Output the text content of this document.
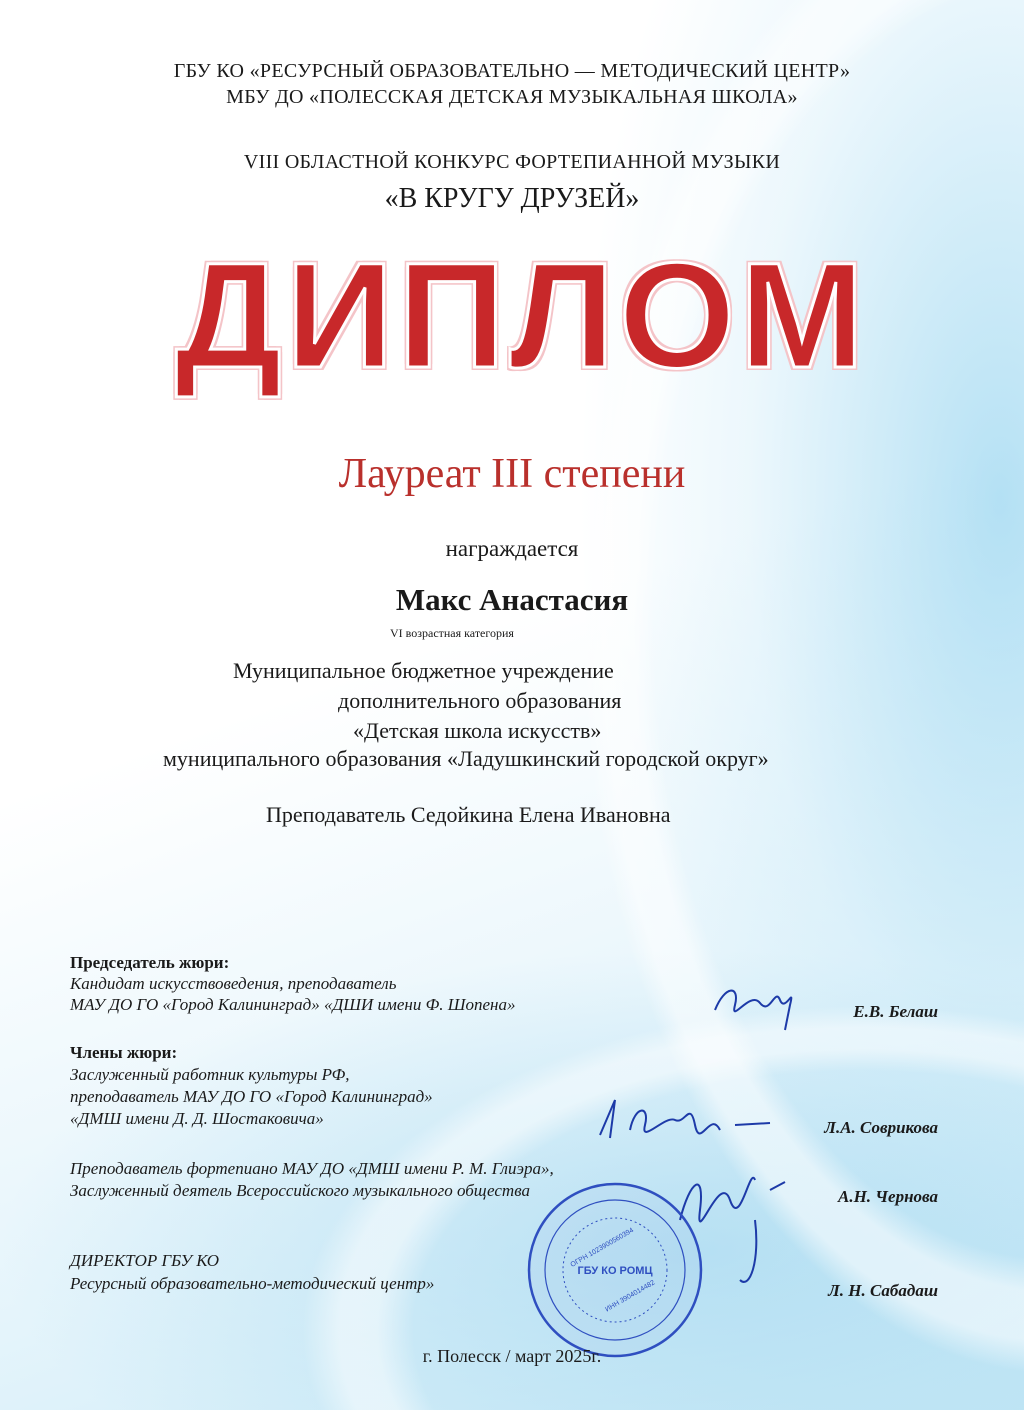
ГБУ КО «РЕСУРСНЫЙ ОБРАЗОВАТЕЛЬНО — МЕТОДИЧЕСКИЙ ЦЕНТР»
МБУ ДО «ПОЛЕССКАЯ ДЕТСКАЯ МУЗЫКАЛЬНАЯ ШКОЛА»
VIII ОБЛАСТНОЙ КОНКУРС ФОРТЕПИАННОЙ МУЗЫКИ
«В КРУГУ ДРУЗЕЙ»
ДИПЛОМ
Лауреат III степени
награждается
Макс Анастасия
VI возрастная категория
Муниципальное бюджетное учреждение
дополнительного образования
«Детская школа искусств»
муниципального образования «Ладушкинский городской округ»
Преподаватель Седойкина Елена Ивановна
Председатель жюри:
Кандидат искусствоведения, преподаватель
МАУ ДО ГО «Город Калининград» «ДШИ имени Ф. Шопена»	Е.В. Белаш
Члены жюри:
Заслуженный работник культуры РФ,
преподаватель МАУ ДО ГО «Город Калининград»
«ДМШ имени Д. Д. Шостаковича»	Л.А. Соврикова
Преподаватель фортепиано МАУ ДО «ДМШ имени Р. М. Глиэра»,
Заслуженный деятель Всероссийского музыкального общества	А.Н. Чернова
ДИРЕКТОР ГБУ КО
Ресурсный образовательно-методический центр»	Л. Н. Сабадаш
ГБУ КО РОМЦ
ОГРН 1023900560394
ИНН 3904014482
г. Полесск / март 2025г.
